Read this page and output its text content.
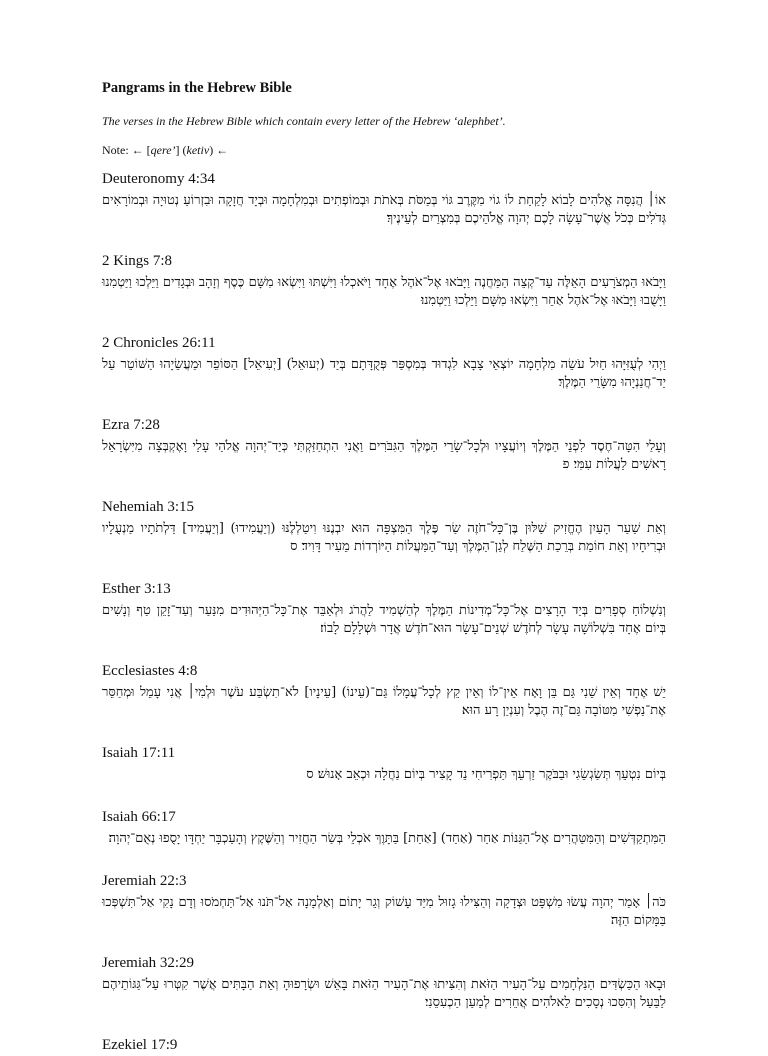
Pangrams in the Hebrew Bible

The verses in the Hebrew Bible which contain every letter of the Hebrew ‘alephbet’.

Note: ← [qere’] (ketiv) ←

Deuteronomy 4:34
אוֹ׀ הֲנִסָּה אֱלֹהִים לָבוֹא לָקַחַת לוֹ גוֹי מִקֶּרֶב גּוֹי בְּמַסֹּת בְּאֹתֹת וּבְמוֹפְתִים וּבְמִלְחָמָה וּבְיָד חֲזָקָה וּבִזְרוֹעַ נְטוּיָה וּבְמוֹרָאִים גְּדֹלִים כְּכֹל אֲשֶׁר־עָשָׂה לָכֶם יְהוָה אֱלֹהֵיכֶם בְּמִצְרַיִם לְעֵינֶיךָ׃
2 Kings 7:8
וַיָּבֹאוּ הַמְצֹרָעִים הָאֵלֶּה עַד־קְצֵה הַמַּחֲנֶה וַיָּבֹאוּ אֶל־אֹהֶל אֶחָד וַיֹּאכְלוּ וַיִּשְׁתּוּ וַיִּשְׂאוּ מִשָּׁם כֶּסֶף וְזָהָב וּבְגָדִים וַיֵּלְכוּ וַיַּטְמִנוּ וַיָּשֻׁבוּ וַיָּבֹאוּ אֶל־אֹהֶל אַחֵר וַיִּשְׂאוּ מִשָּׁם וַיֵּלְכוּ וַיַּטְמִנוּ׃
2 Chronicles 26:11
וַיְהִי לְעֻזִּיָּהוּ חַיִל עֹשֵׂה מִלְחָמָה יוֹצְאֵי צָבָא לִגְדוּד בְּמִסְפַּר פְּקֻדָּתָם בְּיַד (יְעוּאֵל) [יְעִיאֵל] הַסּוֹפֵר וּמַעֲשֵׂיָהוּ הַשּׁוֹטֵר עַל יַד־חֲנַנְיָהוּ מִשָּׂרֵי הַמֶּלֶךְ׃
Ezra 7:28
וְעָלַי הִטָּה־חֶסֶד לִפְנֵי הַמֶּלֶךְ וְיוֹעֲצָיו וּלְכָל־שָׂרֵי הַמֶּלֶךְ הַגִּבֹּרִים וַאֲנִי הִתְחַזַּקְתִּי כְּיַד־יְהוָה אֱלֹהַי עָלַי וָאֶקְבְּצָה מִיִּשְׂרָאֵל רָאשִׁים לַעֲלוֹת עִמִּי׃ פ
Nehemiah 3:15
וְאֵת שַׁעַר הָעַיִן הֶחֱזִיק שַׁלּוּן בֶּן־כָּל־חֹזֶה שַׂר פֶּלֶךְ הַמִּצְפָּה הוּא יִבְנֶנּוּ וִיטַלְלֶנּוּ (וְיַעֲמִידוּ) [וְיַעֲמִיד] דַּלְתֹתָיו מַנְעֻלָיו וּבְרִיחָיו וְאֵת חוֹמַת בְּרֵכַת הַשֶּׁלַח לְגַן־הַמֶּלֶךְ וְעַד־הַמַּעֲלוֹת הַיּוֹרְדוֹת מֵעִיר דָּוִיד׃ ס
Esther 3:13
וְנִשְׁלוֹחַ סְפָרִים בְּיַד הָרָצִים אֶל־כָּל־מְדִינוֹת הַמֶּלֶךְ לְהַשְׁמִיד לַהֲרֹג וּלְאַבֵּד אֶת־כָּל־הַיְּהוּדִים מִנַּעַר וְעַד־זָקֵן טַף וְנָשִׁים בְּיוֹם אֶחָד בִּשְׁלוֹשָׁה עָשָׂר לְחֹדֶשׁ שְׁנֵים־עָשָׂר הוּא־חֹדֶשׁ אֲדָר וּשְׁלָלָם לָבוֹז׃
Ecclesiastes 4:8
יֵשׁ אֶחָד וְאֵין שֵׁנִי גַּם בֵּן וָאָח אֵין־לוֹ וְאֵין קֵץ לְכָל־עֲמָלוֹ גַּם־(עֵינוֹ) [עֵינָיו] לֹא־תִשְׂבַּע עֹשֶׁר וּלְמִי׀ אֲנִי עָמֵל וּמְחַסֵּר אֶת־נַפְשִׁי מִטּוֹבָה גַּם־זֶה הֶבֶל וְעִנְיַן רָע הוּא׃
Isaiah 17:11
בְּיוֹם נִטְעֵךְ תְּשַׂגְשֵׂגִי וּבַבֹּקֶר זַרְעֵךְ תַּפְרִיחִי נֵד קָצִיר בְּיוֹם נַחֲלָה וּכְאֵב אָנוּשׁ׃ ס
Isaiah 66:17
הַמִּתְקַדְּשִׁים וְהַמִּטַּהֲרִים אֶל־הַגַּנּוֹת אַחַר (אַחַד) [אַחַת] בַּתָּוֶךְ אֹכְלֵי בְּשַׂר הַחֲזִיר וְהַשֶּׁקֶץ וְהָעַכְבָּר יַחְדָּו יָסֻפוּ נְאֻם־יְהוָה׃
Jeremiah 22:3
כֹּה׀ אָמַר יְהוָה עֲשׂוּ מִשְׁפָּט וּצְדָקָה וְהַצִּילוּ גָזוּל מִיַּד עָשׁוֹק וְגֵר יָתוֹם וְאַלְמָנָה אַל־תֹּנוּ אַל־תַּחְמֹסוּ וְדָם נָקִי אַל־תִּשְׁפְּכוּ בַּמָּקוֹם הַזֶּה׃
Jeremiah 32:29
וּבָאוּ הַכַּשְׂדִּים הַנִּלְחָמִים עַל־הָעִיר הַזֹּאת וְהִצִּיתוּ אֶת־הָעִיר הַזֹּאת בָּאֵשׁ וּשְׂרָפוּהָ וְאֵת הַבָּתִּים אֲשֶׁר קִטְּרוּ עַל־גַּגּוֹתֵיהֶם לַבַּעַל וְהִסִּכוּ נְסָכִים לֵאלֹהִים אֲחֵרִים לְמַעַן הַכְעִסֵנִי׃
Ezekiel 17:9
